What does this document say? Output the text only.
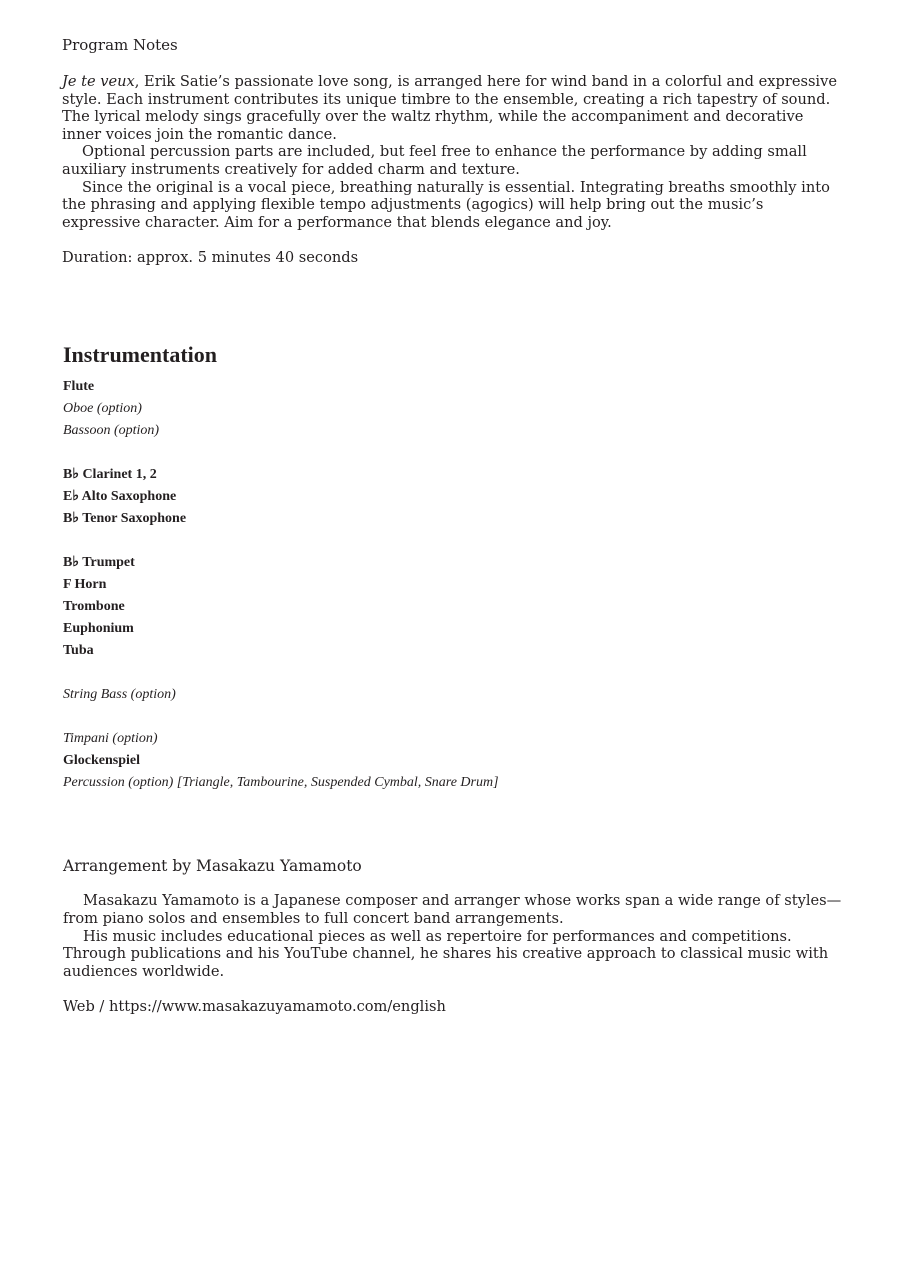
Program Notes

Je te veux, Erik Satie’s passionate love song, is arranged here for wind band in a colorful and expressive style. Each instrument contributes its unique timbre to the ensemble, creating a rich tapestry of sound. The lyrical melody sings gracefully over the waltz rhythm, while the accompaniment and decorative inner voices join the romantic dance.

Optional percussion parts are included, but feel free to enhance the performance by adding small auxiliary instruments creatively for added charm and texture.

Since the original is a vocal piece, breathing naturally is essential. Integrating breaths smoothly into the phrasing and applying flexible tempo adjustments (agogics) will help bring out the music’s expressive character. Aim for a performance that blends elegance and joy.

Duration: approx. 5 minutes 40 seconds
Instrumentation
Flute
Oboe (option)
Bassoon (option)
B♭ Clarinet 1, 2
E♭ Alto Saxophone
B♭ Tenor Saxophone
B♭ Trumpet
F Horn
Trombone
Euphonium
Tuba
String Bass (option)
Timpani (option)
Glockenspiel
Percussion (option) [Triangle, Tambourine, Suspended Cymbal, Snare Drum]
Arrangement by Masakazu Yamamoto

Masakazu Yamamoto is a Japanese composer and arranger whose works span a wide range of styles—from piano solos and ensembles to full concert band arrangements.

His music includes educational pieces as well as repertoire for performances and competitions. Through publications and his YouTube channel, he shares his creative approach to classical music with audiences worldwide.

Web / https://www.masakazuyamamoto.com/english
